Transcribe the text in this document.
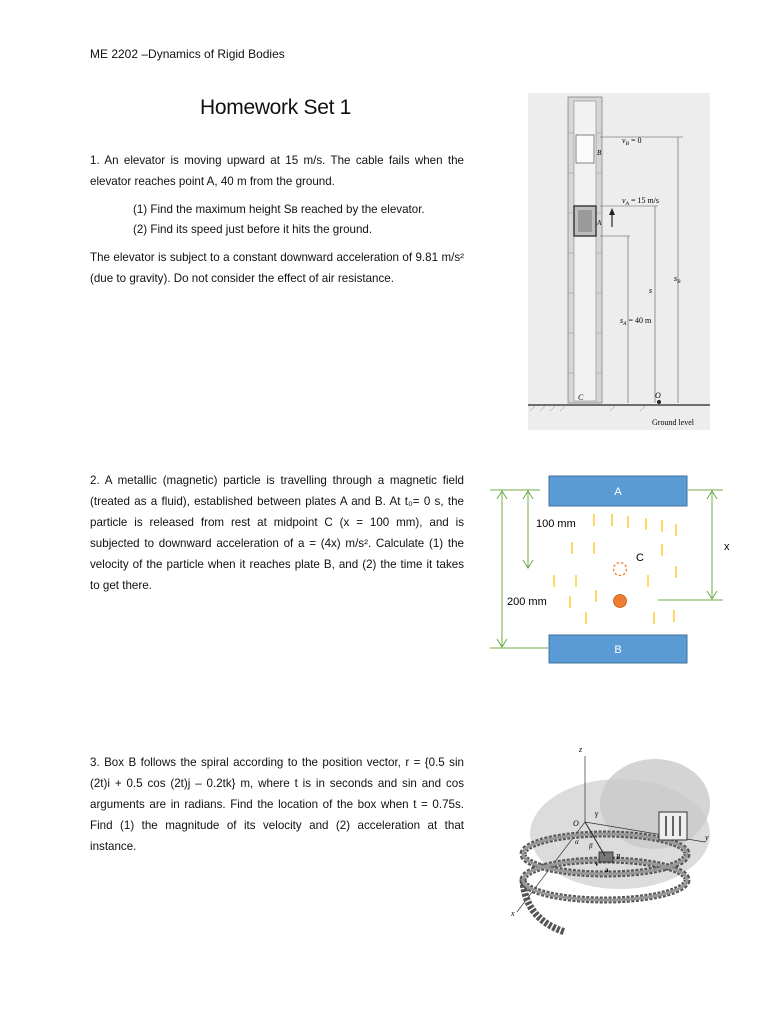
ME 2202 –Dynamics of Rigid Bodies
Homework Set 1
1. An elevator is moving upward at 15 m/s. The cable fails when the elevator reaches point A, 40 m from the ground.
(1) Find the maximum height Sʙ reached by the elevator.
(2) Find its speed just before it hits the ground.
The elevator is subject to a constant downward acceleration of 9.81 m/s² (due to gravity). Do not consider the effect of air resistance.
$v_B = 0$
$v_A = 15$ m/s
$s_A = 40$ m
s
$s_B$
B
A
C	O
Ground level
2. A metallic (magnetic) particle is travelling through a magnetic field (treated as a fluid), established between plates A and B. At t₀= 0 s, the particle is released from rest at midpoint C (x = 100 mm), and is subjected to downward acceleration of a = (4x) m/s². Calculate (1) the velocity of the particle when it reaches plate B, and (2) the time it takes to get there.
A
B
100 mm
200 mm
x
C
3. Box B follows the spiral according to the position vector, r = {0.5 sin (2t)i + 0.5 cos (2t)j – 0.2tk} m, where t is in seconds and sin and cos arguments are in radians. Find the location of the box when t = 0.75s. Find (1) the magnitude of its velocity and (2) acceleration at that instance.
z
y
x
O
γ
α β
B
v
a
